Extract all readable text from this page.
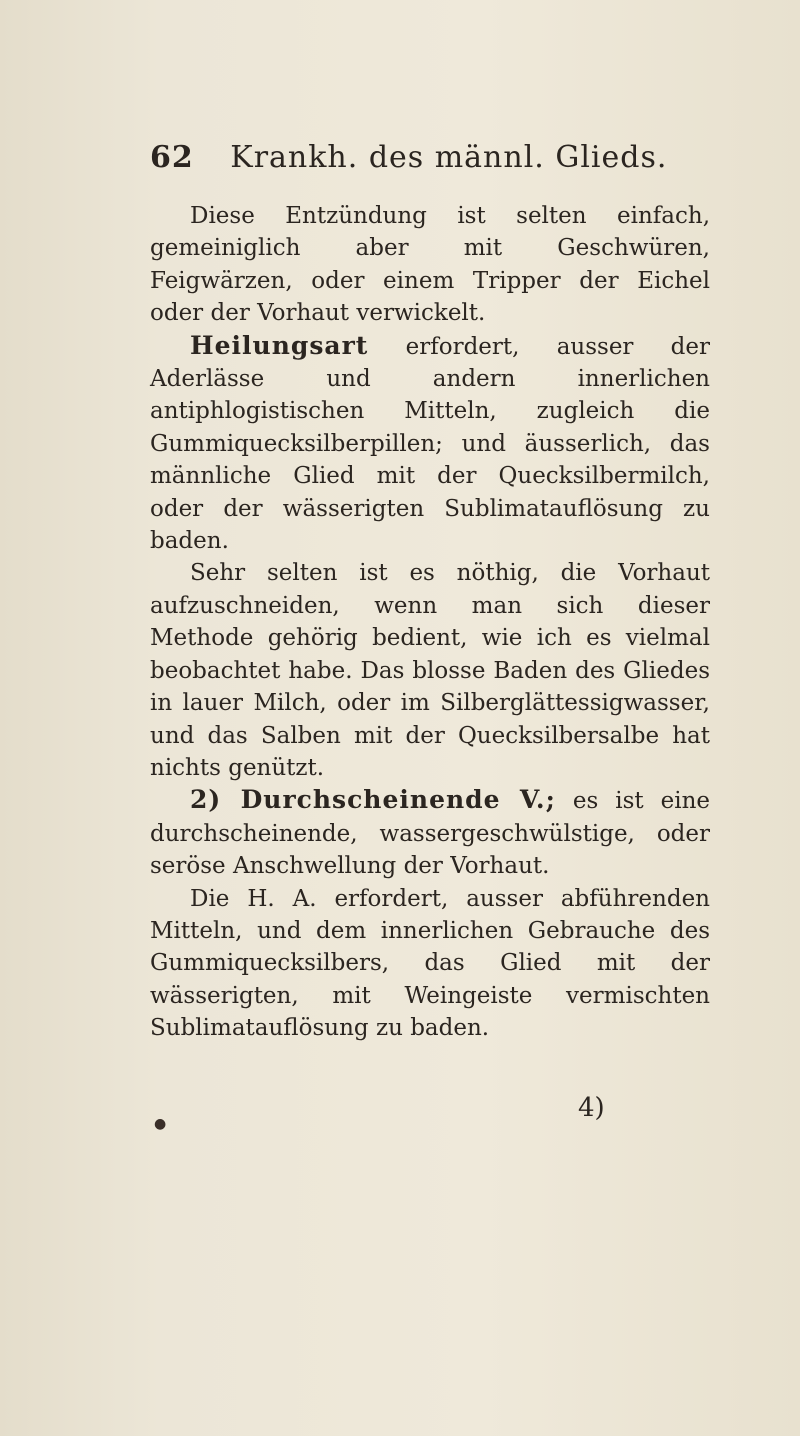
62 Krankh. des männl. Glieds.

Diese Entzündung ist selten einfach, gemeiniglich aber mit Geschwüren, Feigwärzen, oder einem Tripper der Eichel oder der Vorhaut verwickelt.

Heilungsart erfordert, ausser der Aderlässe und andern innerlichen antiphlogistischen Mitteln, zugleich die Gummiquecksilberpillen; und äusserlich, das männliche Glied mit der Quecksilbermilch, oder der wässerigten Sublimatauflösung zu baden.

Sehr selten ist es nöthig, die Vorhaut aufzuschneiden, wenn man sich dieser Methode gehörig bedient, wie ich es vielmal beobachtet habe. Das blosse Baden des Gliedes in lauer Milch, oder im Silberglättessigwasser, und das Salben mit der Quecksilbersalbe hat nichts genützt.

2) Durchscheinende V.; es ist eine durchscheinende, wassergeschwülstige, oder seröse Anschwellung der Vorhaut.

Die H. A. erfordert, ausser abführenden Mitteln, und dem innerlichen Gebrauche des Gummiquecksilbers, das Glied mit der wässerigten, mit Weingeiste vermischten Sublimatauflösung zu baden.

4)
●
